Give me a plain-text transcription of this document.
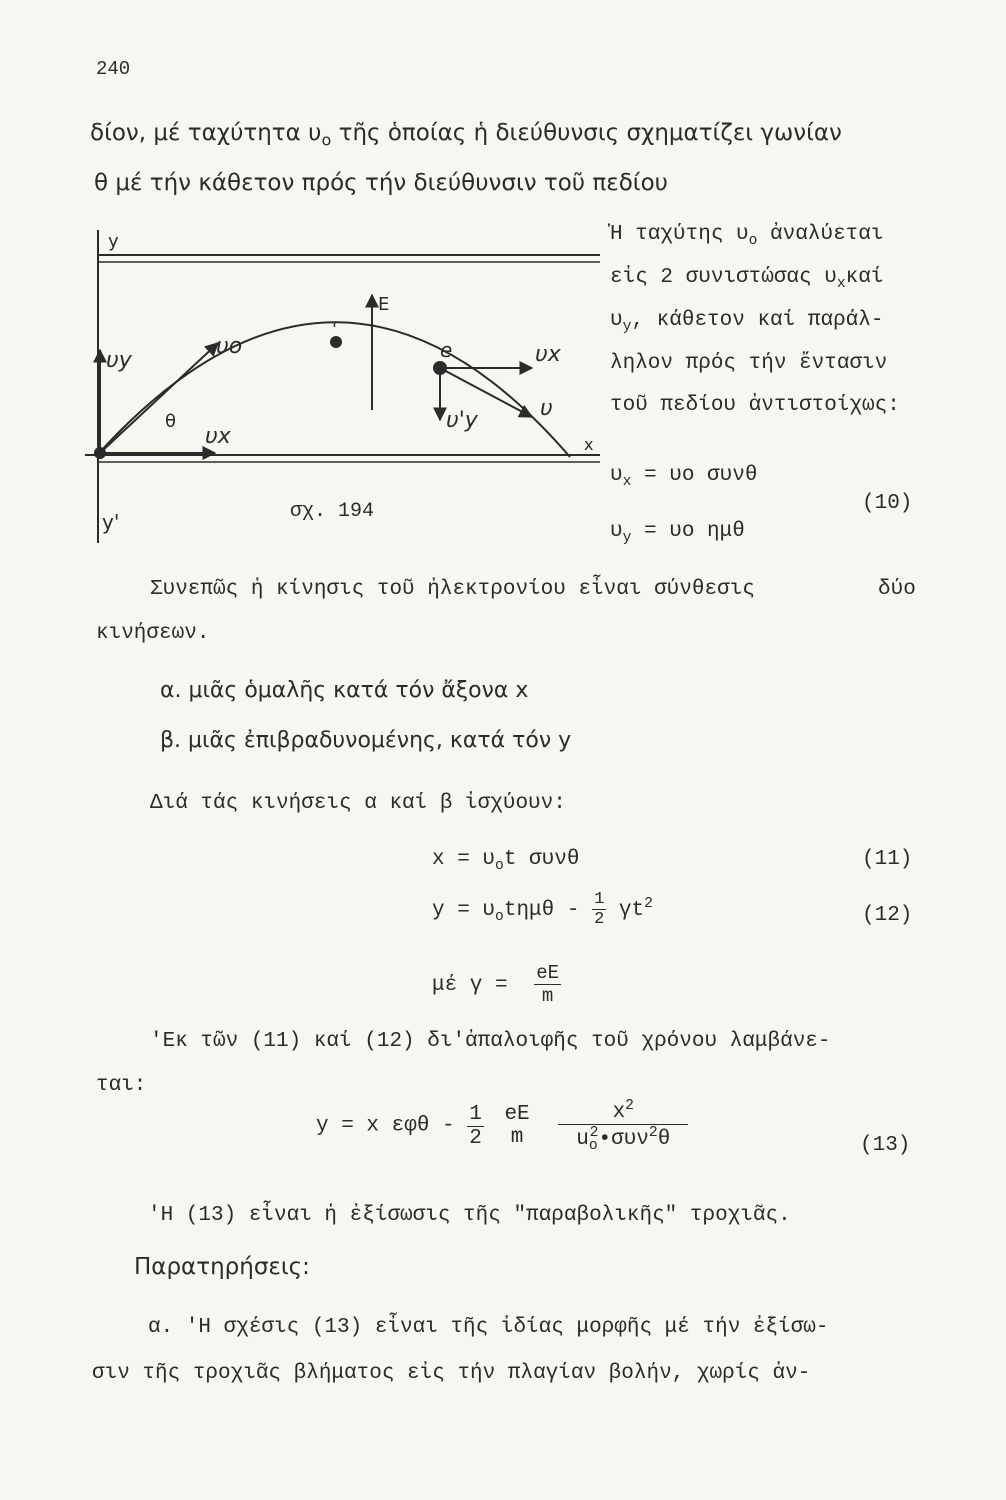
240
δίον, μέ ταχύτητα $\upsilon_o$ τῆς ὁποίας ἡ διεύθυνσις σχηματίζει γωνίαν
θ μέ τήν κάθετον πρός τήν διεύθυνσιν τοῦ πεδίου
y
y'
E
υo
υy
θ
υx
e	υx
υ'y	υ
x
'
σχ. 194
Ἡ ταχύτης $\upsilon_o$ ἀναλύεται
εἰς 2 συνιστώσας $\upsilon_x\kappa\alpha ί$
$\upsilon_y$, κάθετον καί παράλ-
ληλον πρός τήν ἔντασιν
τοῦ πεδίου ἀντιστοίχως:
$\upsilon_x = \upsilon o$ συνθ
$\upsilon_y = \upsilon o$ ημθ
(10)
Συνεπῶς ἡ κίνησις τοῦ ἠλεκτρονίου εἶναι σύνθεσις	δύο
κινήσεων.
α. μιᾶς ὁμαλῆς κατά τόν ἄξονα x
β. μιᾶς ἐπιβραδυνομένης, κατά τόν y
Διά τάς κινήσεις α καί β ἰσχύουν:
$x = \upsilon_ot$ συνθ	(11)
$y = \upsilon_ot\eta\mu\theta - \frac{1}{2} \gamma t^2$	(12)
μέ $\gamma = \frac{eE}{m}$
'Εκ τῶν (11) καί (12) δι'ἀπαλοιφῆς τοῦ χρόνου λαμβάνε-
ται:
y = x εφθ - $\frac{1}{2}$
eE
m
	$\frac{x^2}{u_o^2•\sigma\upsilon\nu^2\theta}$	(13)
'Η (13) εἶναι ἡ ἐξίσωσις τῆς "παραβολικῆς" τροχιᾶς.
Παρατηρήσεις:
α. 'Η σχέσις (13) εἶναι τῆς ἰδίας μορφῆς μέ τήν ἐξίσω-
σιν τῆς τροχιᾶς βλήματος εἰς τήν πλαγίαν βολήν, χωρίς ἀν-
